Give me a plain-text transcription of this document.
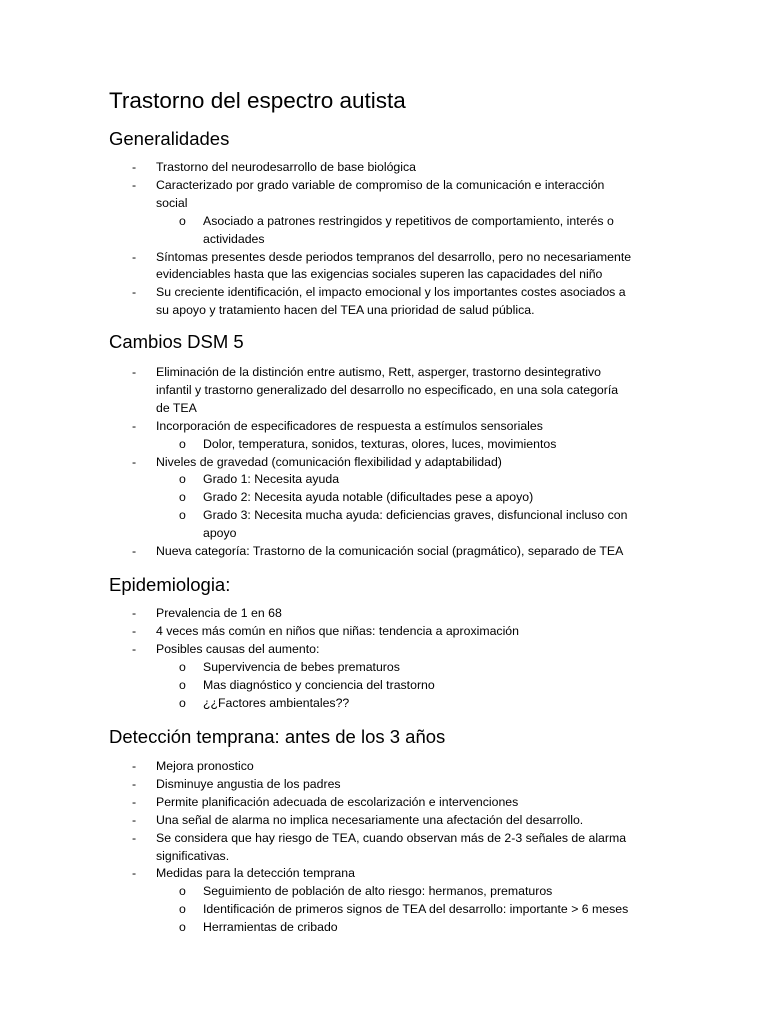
Trastorno del espectro autista
Generalidades
- Trastorno del neurodesarrollo de base biológica
- Caracterizado por grado variable de compromiso de la comunicación e interacción
social
o Asociado a patrones restringidos y repetitivos de comportamiento, interés o
actividades
- Síntomas presentes desde periodos tempranos del desarrollo, pero no necesariamente
evidenciables hasta que las exigencias sociales superen las capacidades del niño
- Su creciente identificación, el impacto emocional y los importantes costes asociados a
su apoyo y tratamiento hacen del TEA una prioridad de salud pública.
Cambios DSM 5
- Eliminación de la distinción entre autismo, Rett, asperger, trastorno desintegrativo
infantil y trastorno generalizado del desarrollo no especificado, en una sola categoría
de TEA
- Incorporación de especificadores de respuesta a estímulos sensoriales
o Dolor, temperatura, sonidos, texturas, olores, luces, movimientos
- Niveles de gravedad (comunicación flexibilidad y adaptabilidad)
o Grado 1: Necesita ayuda
o Grado 2: Necesita ayuda notable (dificultades pese a apoyo)
o Grado 3: Necesita mucha ayuda: deficiencias graves, disfuncional incluso con
apoyo
- Nueva categoría: Trastorno de la comunicación social (pragmático), separado de TEA
Epidemiologia:
- Prevalencia de 1 en 68
- 4 veces más común en niños que niñas: tendencia a aproximación
- Posibles causas del aumento:
o Supervivencia de bebes prematuros
o Mas diagnóstico y conciencia del trastorno
o ¿¿Factores ambientales??
Detección temprana: antes de los 3 años
- Mejora pronostico
- Disminuye angustia de los padres
- Permite planificación adecuada de escolarización e intervenciones
- Una señal de alarma no implica necesariamente una afectación del desarrollo.
- Se considera que hay riesgo de TEA, cuando observan más de 2-3 señales de alarma
significativas.
- Medidas para la detección temprana
o Seguimiento de población de alto riesgo: hermanos, prematuros
o Identificación de primeros signos de TEA del desarrollo: importante > 6 meses
o Herramientas de cribado
